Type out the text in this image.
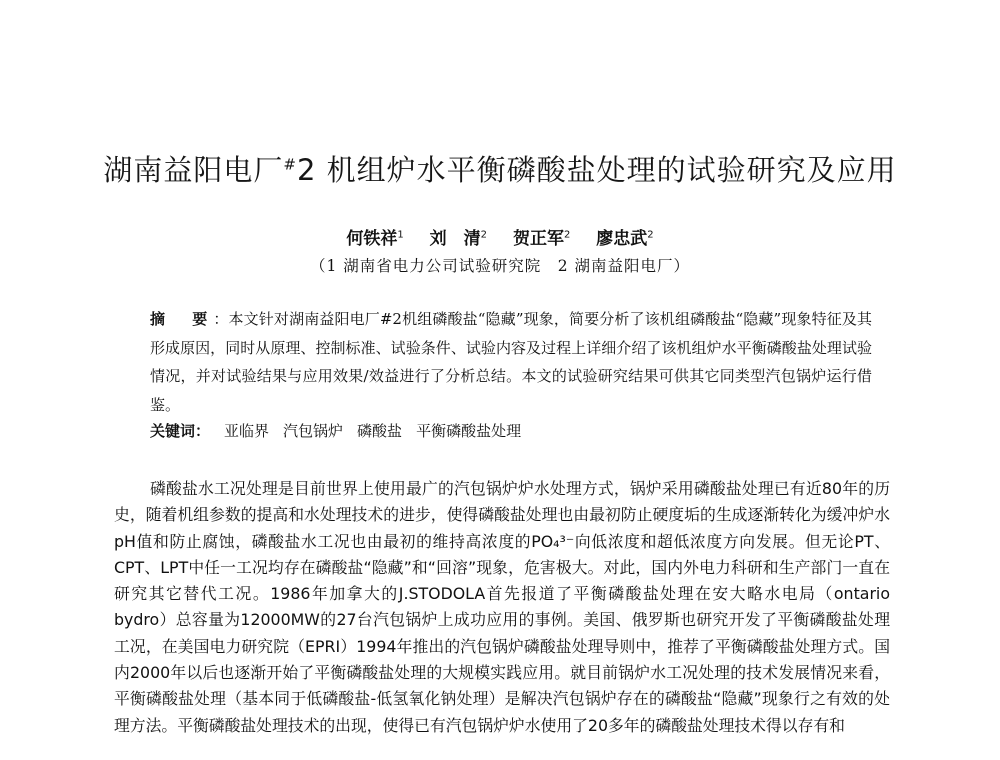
湖南益阳电厂#2 机组炉水平衡磷酸盐处理的试验研究及应用
何铁祥$^1$ 刘　清$^2$ 贺正军$^2$ 廖忠武$^2$
（1 湖南省电力公司试验研究院　2 湖南益阳电厂）
摘　要：本文针对湖南益阳电厂#2机组磷酸盐“隐藏”现象，简要分析了该机组磷酸盐“隐藏”现象特征及其形成原因，同时从原理、控制标准、试验条件、试验内容及过程上详细介绍了该机组炉水平衡磷酸盐处理试验情况，并对试验结果与应用效果/效益进行了分析总结。本文的试验研究结果可供其它同类型汽包锅炉运行借鉴。
关键词： 亚临界 汽包锅炉 磷酸盐 平衡磷酸盐处理
磷酸盐水工况处理是目前世界上使用最广的汽包锅炉炉水处理方式，锅炉采用磷酸盐处理已有近80年的历史，随着机组参数的提高和水处理技术的进步，使得磷酸盐处理也由最初防止硬度垢的生成逐渐转化为缓冲炉水pH值和防止腐蚀，磷酸盐水工况也由最初的维持高浓度的PO₄³⁻向低浓度和超低浓度方向发展。但无论PT、CPT、LPT中任一工况均存在磷酸盐“隐藏”和“回溶”现象，危害极大。对此，国内外电力科研和生产部门一直在研究其它替代工况。1986年加拿大的J.STODOLA首先报道了平衡磷酸盐处理在安大略水电局（ontario　bydro）总容量为12000MW的27台汽包锅炉上成功应用的事例。美国、俄罗斯也研究开发了平衡磷酸盐处理工况，在美国电力研究院（EPRI）1994年推出的汽包锅炉磷酸盐处理导则中，推荐了平衡磷酸盐处理方式。国内2000年以后也逐渐开始了平衡磷酸盐处理的大规模实践应用。就目前锅炉水工况处理的技术发展情况来看，平衡磷酸盐处理（基本同于低磷酸盐-低氢氧化钠处理）是解决汽包锅炉存在的磷酸盐“隐藏”现象行之有效的处理方法。平衡磷酸盐处理技术的出现，使得已有汽包锅炉炉水使用了20多年的磷酸盐处理技术得以存有和
